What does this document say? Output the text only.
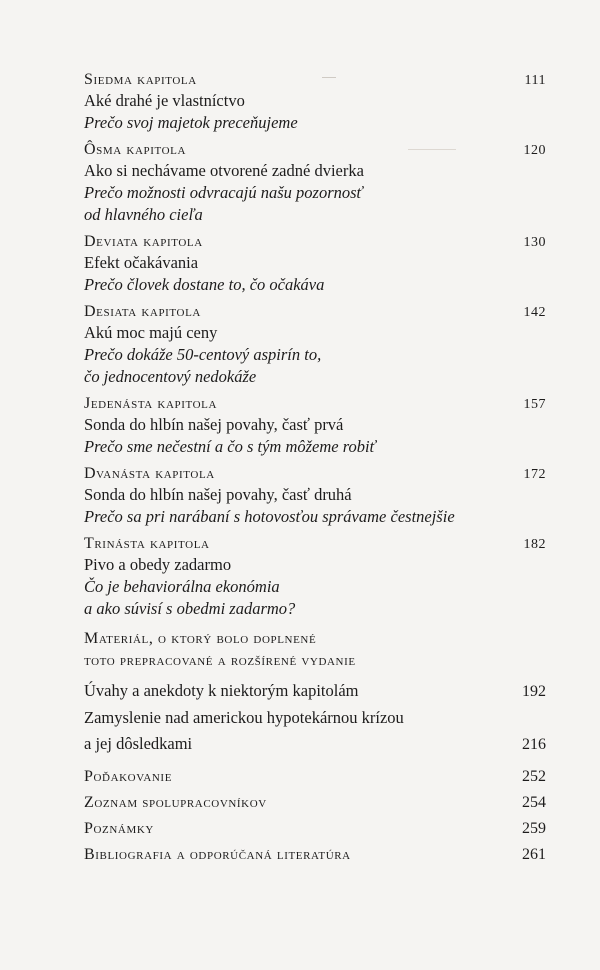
Siedma kapitola	111
Aké drahé je vlastníctvo
Prečo svoj majetok preceňujeme
Ôsma kapitola	120
Ako si nechávame otvorené zadné dvierka
Prečo možnosti odvracajú našu pozornosť
od hlavného cieľa
Deviata kapitola	130
Efekt očakávania
Prečo človek dostane to, čo očakáva
Desiata kapitola	142
Akú moc majú ceny
Prečo dokáže 50-centový aspirín to,
čo jednocentový nedokáže
Jedenásta kapitola	157
Sonda do hlbín našej povahy, časť prvá
Prečo sme nečestní a čo s tým môžeme robiť
Dvanásta kapitola	172
Sonda do hlbín našej povahy, časť druhá
Prečo sa pri narábaní s hotovosťou správame čestnejšie
Trinásta kapitola	182
Pivo a obedy zadarmo
Čo je behaviorálna ekonómia
a ako súvisí s obedmi zadarmo?
Materiál, o ktorý bolo doplnené
toto prepracované a rozšírené vydanie
Úvahy a anekdoty k niektorým kapitolám	192
Zamyslenie nad americkou hypotekárnou krízou
a jej dôsledkami	216
Poďakovanie	252
Zoznam spolupracovníkov	254
Poznámky	259
Bibliografia a odporúčaná literatúra	261
